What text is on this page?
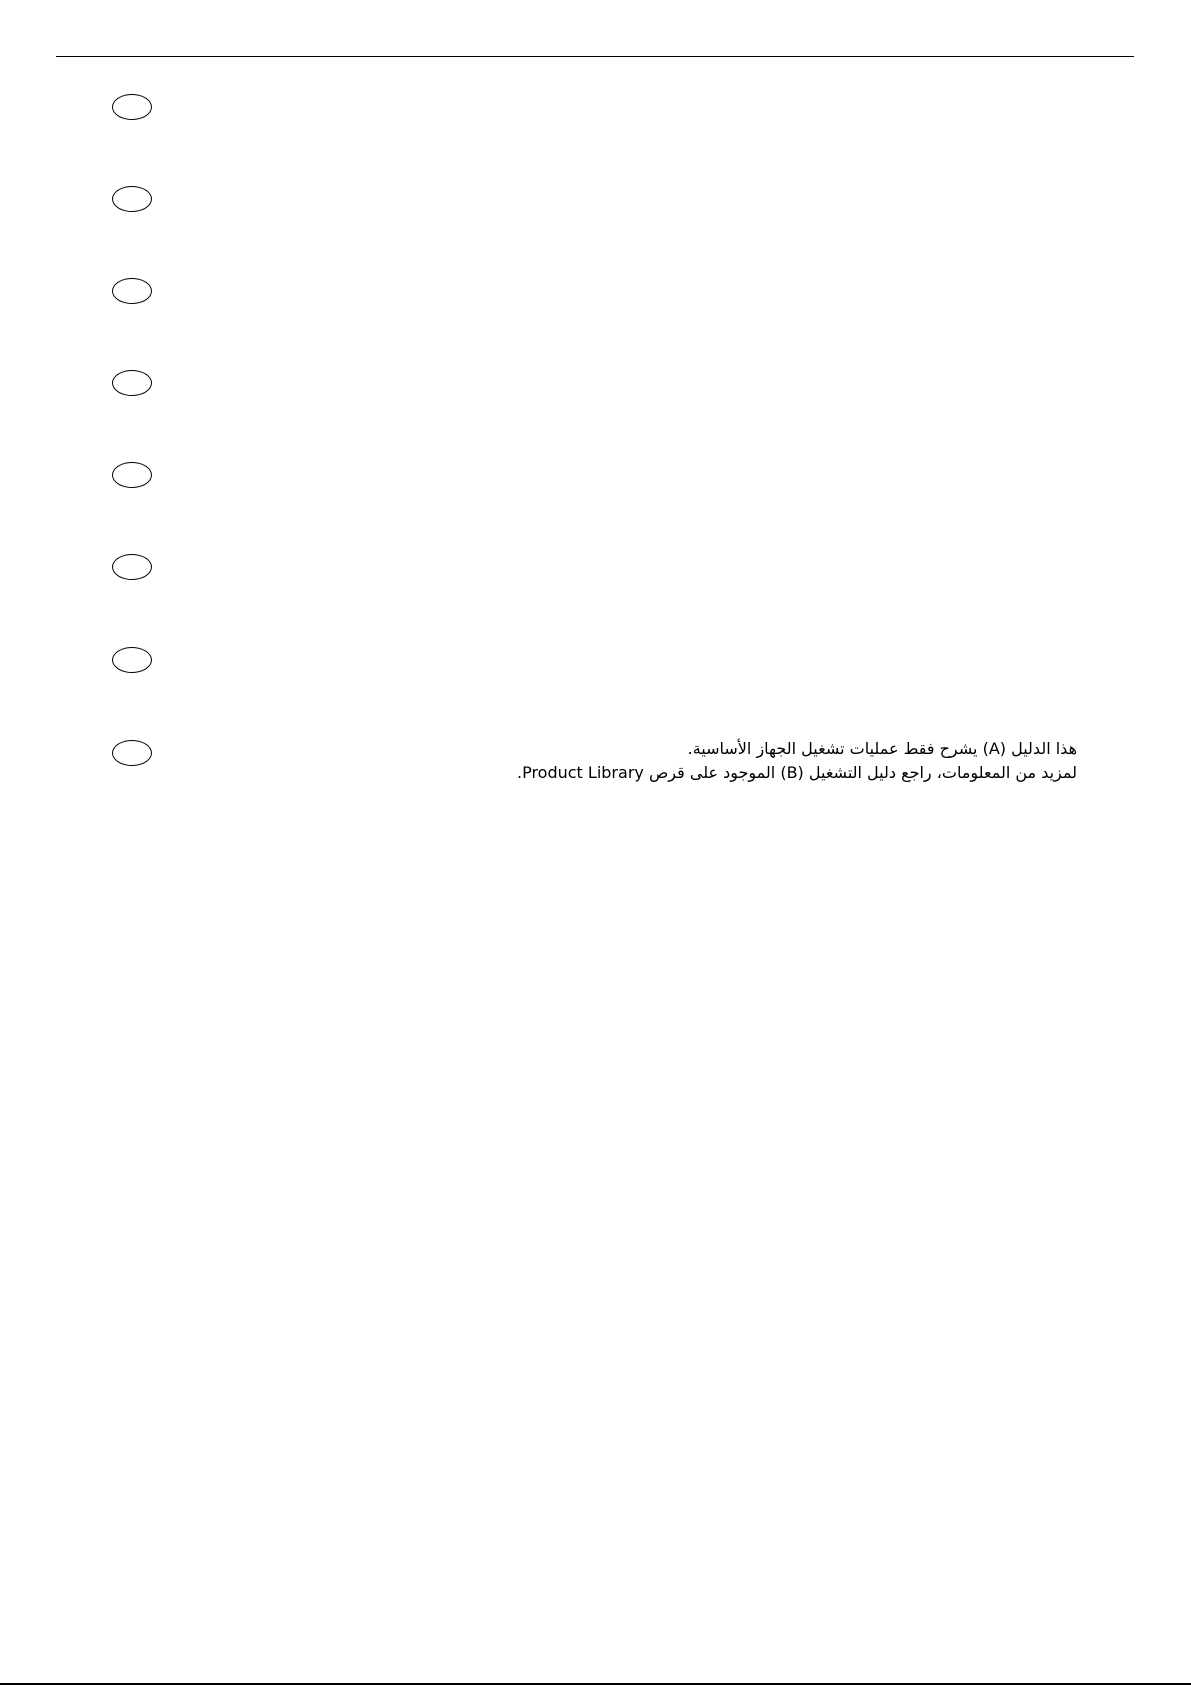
هذا الدليل (A) يشرح فقط عمليات تشغيل الجهاز الأساسية.
لمزيد من المعلومات، راجع دليل التشغيل (B) الموجود على قرص Product Library.
